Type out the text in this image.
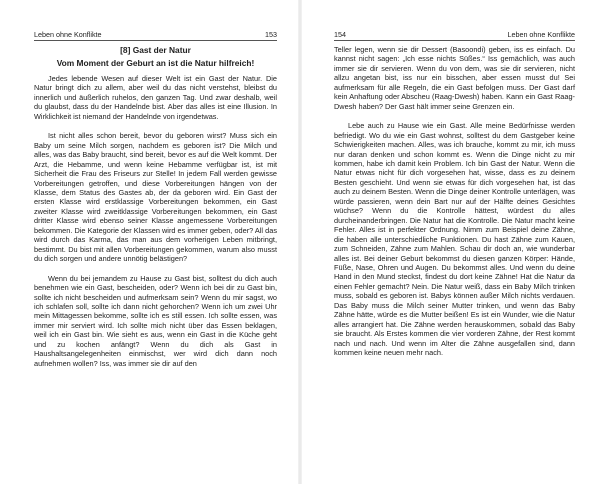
Leben ohne Konflikte	153
[8] Gast der Natur
Vom Moment der Geburt an ist die Natur hilfreich!

Jedes lebende Wesen auf dieser Welt ist ein Gast der Natur. Die Natur bringt dich zu allem, aber weil du das nicht verstehst, bleibst du innerlich und äußerlich ruhelos, den ganzen Tag. Und zwar deshalb, weil du glaubst, dass du der Handelnde bist. Aber das alles ist eine Illusion. In Wirklichkeit ist niemand der Handelnde von irgendetwas.

Ist nicht alles schon bereit, bevor du geboren wirst? Muss sich ein Baby um seine Milch sorgen, nachdem es geboren ist? Die Milch und alles, was das Baby braucht, sind bereit, bevor es auf die Welt kommt. Der Arzt, die Hebamme, und wenn keine Hebamme verfügbar ist, ist mit Sicherheit die Frau des Friseurs zur Stelle! In jedem Fall werden gewisse Vorbereitungen getroffen, und diese Vorbereitungen hängen von der Klasse, dem Status des Gastes ab, der da geboren wird. Ein Gast der ersten Klasse wird erstklassige Vorbereitungen bekommen, ein Gast zweiter Klasse wird zweitklassige Vorbereitungen bekommen, ein Gast dritter Klasse wird ebenso seiner Klasse angemessene Vorbereitungen bekommen. Die Kategorie der Klassen wird es immer geben, oder? All das wird durch das Karma, das man aus dem vorherigen Leben mitbringt, bestimmt. Du bist mit allen Vorbereitungen gekommen, warum also musst du dich sorgen und andere unnötig belästigen?

Wenn du bei jemandem zu Hause zu Gast bist, solltest du dich auch benehmen wie ein Gast, bescheiden, oder? Wenn ich bei dir zu Gast bin, sollte ich nicht bescheiden und aufmerksam sein? Wenn du mir sagst, wo ich schlafen soll, sollte ich dann nicht gehorchen? Wenn ich um zwei Uhr mein Mittagessen bekomme, sollte ich es still essen. Ich sollte essen, was immer mir serviert wird. Ich sollte mich nicht über das Essen beklagen, weil ich ein Gast bin. Wie sieht es aus, wenn ein Gast in die Küche geht und zu kochen anfängt? Wenn du dich als Gast in Haushaltsangelegenheiten einmischst, wer wird dich dann noch aufnehmen wollen? Iss, was immer sie dir auf den

154	Leben ohne Konflikte

Teller legen, wenn sie dir Dessert (Basoondi) geben, iss es einfach. Du kannst nicht sagen: „Ich esse nichts Süßes.“ Iss gemächlich, was auch immer sie dir servieren. Wenn du von dem, was sie dir servieren, nicht allzu angetan bist, iss nur ein bisschen, aber essen musst du! Sei aufmerksam für alle Regeln, die ein Gast befolgen muss. Der Gast darf kein Anhaftung oder Abscheu (Raag-Dwesh) haben. Kann ein Gast Raag-Dwesh haben? Der Gast hält immer seine Grenzen ein.

Lebe auch zu Hause wie ein Gast. Alle meine Bedürfnisse werden befriedigt. Wo du wie ein Gast wohnst, solltest du dem Gastgeber keine Schwierigkeiten machen. Alles, was ich brauche, kommt zu mir, ich muss nur daran denken und schon kommt es. Wenn die Dinge nicht zu mir kommen, habe ich damit kein Problem. Ich bin Gast der Natur. Wenn die Natur etwas nicht für dich vorgesehen hat, wisse, dass es zu deinem Besten geschieht. Und wenn sie etwas für dich vorgesehen hat, ist das auch zu deinem Besten. Wenn die Dinge deiner Kontrolle unterlägen, was würde passieren, wenn dein Bart nur auf der Hälfte deines Gesichtes wüchse? Wenn du die Kontrolle hättest, würdest du alles durcheinanderbringen. Die Natur hat die Kontrolle. Die Natur macht keine Fehler. Alles ist in perfekter Ordnung. Nimm zum Beispiel deine Zähne, die haben alle unterschiedliche Funktionen. Du hast Zähne zum Kauen, zum Schneiden, Zähne zum Mahlen. Schau dir doch an, wie wunderbar alles ist. Bei deiner Geburt bekommst du diesen ganzen Körper: Hände, Füße, Nase, Ohren und Augen. Du bekommst alles. Und wenn du deine Hand in den Mund steckst, findest du dort keine Zähne! Hat die Natur da einen Fehler gemacht? Nein. Die Natur weiß, dass ein Baby Milch trinken muss, sobald es geboren ist. Babys können außer Milch nichts verdauen. Das Baby muss die Milch seiner Mutter trinken, und wenn das Baby Zähne hätte, würde es die Mutter beißen! Es ist ein Wunder, wie die Natur alles arrangiert hat. Die Zähne werden herauskommen, sobald das Baby sie braucht. Als Erstes kommen die vier vorderen Zähne, der Rest kommt nach und nach. Und wenn im Alter die Zähne ausgefallen sind, dann kommen keine neuen mehr nach.
